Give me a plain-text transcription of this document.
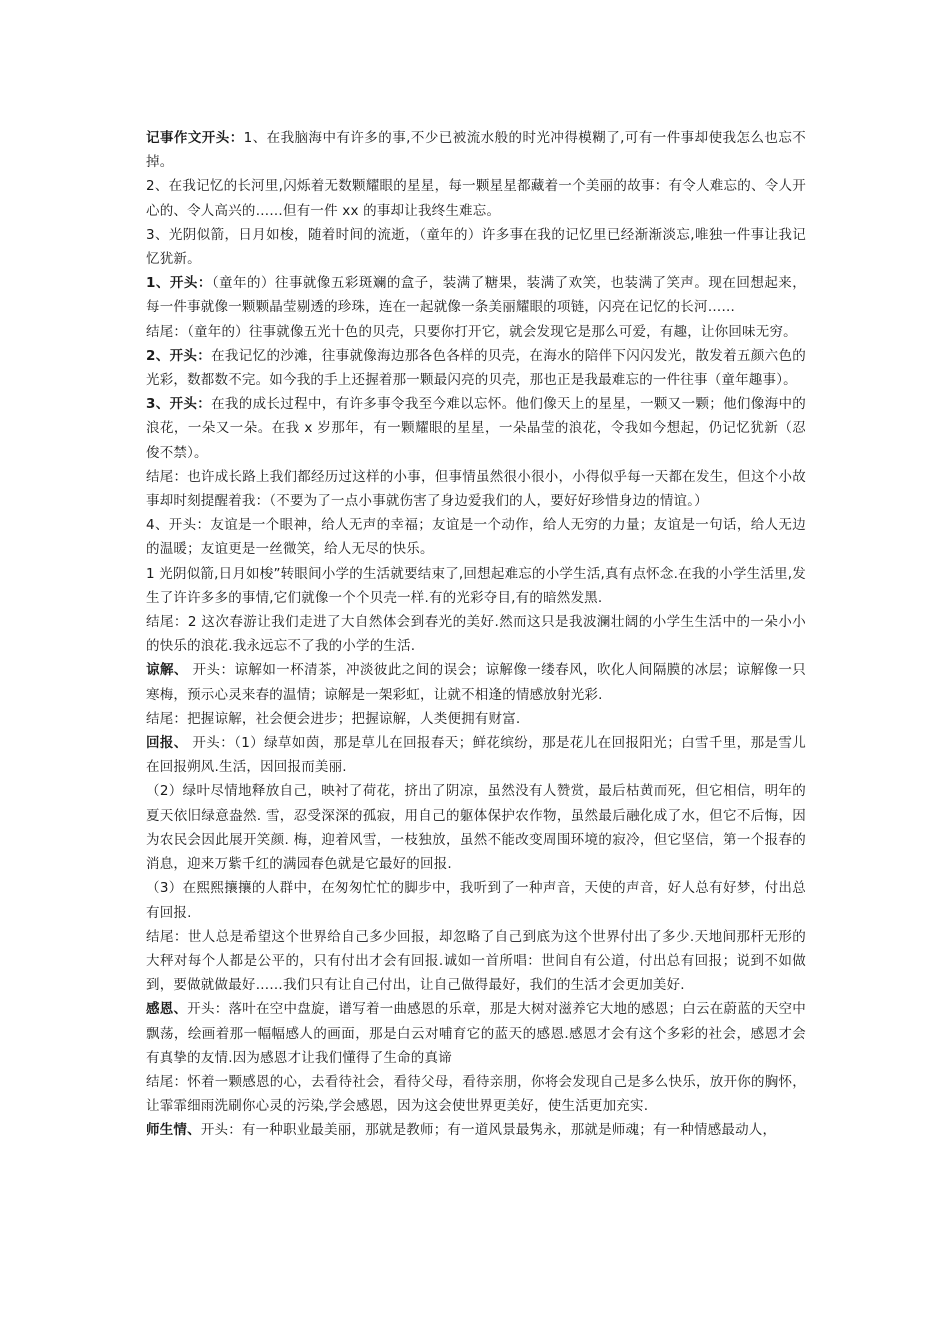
记事作文开头：1、在我脑海中有许多的事,不少已被流水般的时光冲得模糊了,可有一件事却使我怎么也忘不掉。

2、在我记忆的长河里,闪烁着无数颗耀眼的星星，每一颗星星都藏着一个美丽的故事：有令人难忘的、令人开心的、令人高兴的……但有一件 xx 的事却让我终生难忘。

3、光阴似箭，日月如梭，随着时间的流逝，（童年的）许多事在我的记忆里已经渐渐淡忘,唯独一件事让我记忆犹新。

1、开头：（童年的）往事就像五彩斑斓的盒子，装满了糖果，装满了欢笑，也装满了笑声。现在回想起来，每一件事就像一颗颗晶莹剔透的珍珠，连在一起就像一条美丽耀眼的项链，闪亮在记忆的长河……

结尾：（童年的）往事就像五光十色的贝壳，只要你打开它，就会发现它是那么可爱，有趣，让你回味无穷。

2、开头：在我记忆的沙滩，往事就像海边那各色各样的贝壳，在海水的陪伴下闪闪发光，散发着五颜六色的光彩，数都数不完。如今我的手上还握着那一颗最闪亮的贝壳，那也正是我最难忘的一件往事（童年趣事）。

3、开头：在我的成长过程中，有许多事令我至今难以忘怀。他们像天上的星星，一颗又一颗；他们像海中的浪花，一朵又一朵。在我 x 岁那年，有一颗耀眼的星星，一朵晶莹的浪花，令我如今想起，仍记忆犹新（忍俊不禁）。

结尾：也许成长路上我们都经历过这样的小事，但事情虽然很小很小，小得似乎每一天都在发生，但这个小故事却时刻提醒着我：（不要为了一点小事就伤害了身边爱我们的人，要好好珍惜身边的情谊。）

4、开头：友谊是一个眼神，给人无声的幸福；友谊是一个动作，给人无穷的力量；友谊是一句话，给人无边的温暖；友谊更是一丝微笑，给人无尽的快乐。

1 光阴似箭,日月如梭”转眼间小学的生活就要结束了,回想起难忘的小学生活,真有点怀念.在我的小学生活里,发生了许许多多的事情,它们就像一个个贝壳一样.有的光彩夺目,有的暗然发黑.

结尾：2 这次春游让我们走进了大自然体会到春光的美好.然而这只是我波澜壮阔的小学生生活中的一朵小小的快乐的浪花.我永远忘不了我的小学的生活.

谅解、 开头：谅解如一杯清茶，冲淡彼此之间的误会；谅解像一缕春风，吹化人间隔膜的冰层；谅解像一只寒梅，预示心灵来春的温情；谅解是一架彩虹，让就不相逢的情感放射光彩.

结尾：把握谅解，社会便会进步；把握谅解，人类便拥有财富.

回报、 开头：（1）绿草如茵，那是草儿在回报春天；鲜花缤纷，那是花儿在回报阳光；白雪千里，那是雪儿在回报朔风.生活，因回报而美丽.

（2）绿叶尽情地释放自己，映衬了荷花，挤出了阴凉，虽然没有人赞赏，最后枯黄而死，但它相信，明年的夏天依旧绿意盎然. 雪，忍受深深的孤寂，用自己的躯体保护农作物，虽然最后融化成了水，但它不后悔，因为农民会因此展开笑颜. 梅，迎着风雪，一枝独放，虽然不能改变周围环境的寂冷，但它坚信，第一个报春的消息，迎来万紫千红的满园春色就是它最好的回报.

（3）在熙熙攘攘的人群中，在匆匆忙忙的脚步中，我听到了一种声音，天使的声音，好人总有好梦，付出总有回报.

结尾：世人总是希望这个世界给自己多少回报，却忽略了自己到底为这个世界付出了多少.天地间那杆无形的大秤对每个人都是公平的，只有付出才会有回报.诚如一首所唱：世间自有公道，付出总有回报；说到不如做到，要做就做最好……我们只有让自己付出，让自己做得最好，我们的生活才会更加美好.

感恩、开头：落叶在空中盘旋，谱写着一曲感恩的乐章，那是大树对滋养它大地的感恩；白云在蔚蓝的天空中飘荡，绘画着那一幅幅感人的画面，那是白云对哺育它的蓝天的感恩.感恩才会有这个多彩的社会，感恩才会有真挚的友情.因为感恩才让我们懂得了生命的真谛

结尾：怀着一颗感恩的心，去看待社会，看待父母，看待亲朋，你将会发现自己是多么快乐，放开你的胸怀，让霏霏细雨洗刷你心灵的污染,学会感恩，因为这会使世界更美好，使生活更加充实.

师生情、开头：有一种职业最美丽，那就是教师；有一道风景最隽永，那就是师魂；有一种情感最动人，
